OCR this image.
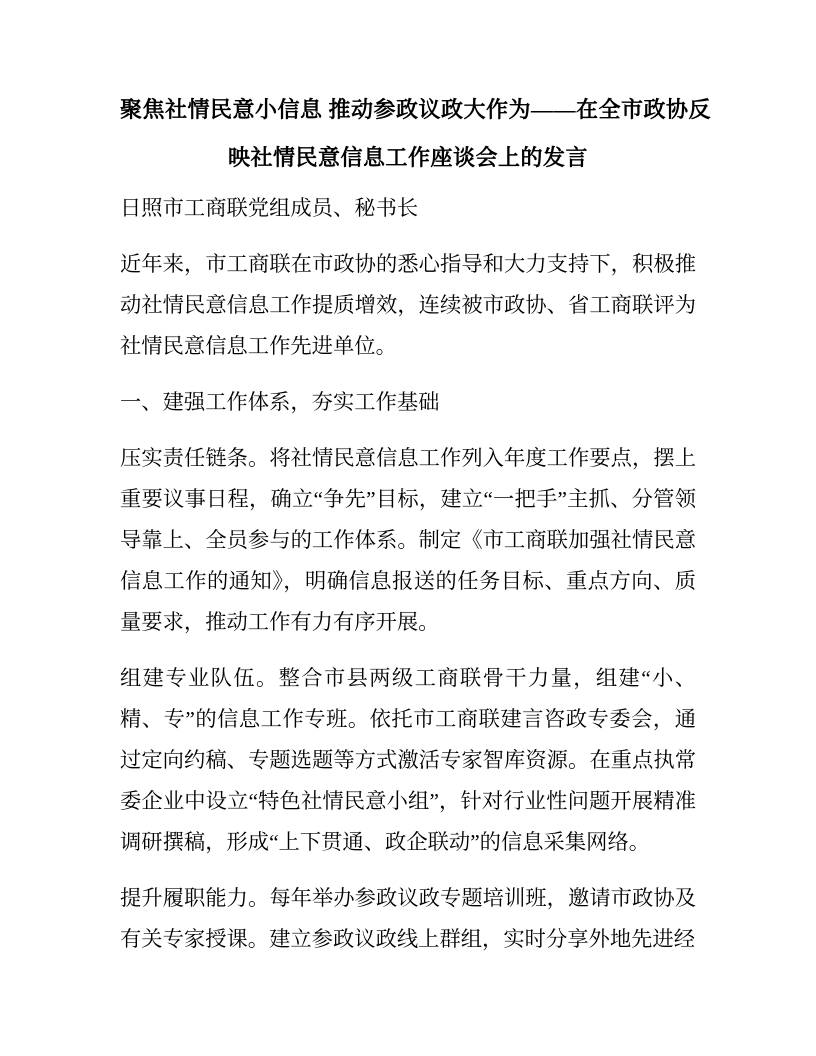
聚焦社情民意小信息 推动参政议政大作为——在全市政协反
映社情民意信息工作座谈会上的发言

日照市工商联党组成员、秘书长

近年来，市工商联在市政协的悉心指导和大力支持下，积极推动社情民意信息工作提质增效，连续被市政协、省工商联评为社情民意信息工作先进单位。

一、建强工作体系，夯实工作基础

压实责任链条。将社情民意信息工作列入年度工作要点，摆上重要议事日程，确立“争先”目标，建立“一把手”主抓、分管领导靠上、全员参与的工作体系。制定《市工商联加强社情民意信息工作的通知》，明确信息报送的任务目标、重点方向、质量要求，推动工作有力有序开展。

组建专业队伍。整合市县两级工商联骨干力量，组建“小、精、专”的信息工作专班。依托市工商联建言咨政专委会，通过定向约稿、专题选题等方式激活专家智库资源。在重点执常委企业中设立“特色社情民意小组”，针对行业性问题开展精准调研撰稿，形成“上下贯通、政企联动”的信息采集网络。

提升履职能力。每年举办参政议政专题培训班，邀请市政协及有关专家授课。建立参政议政线上群组，实时分享外地先进经
